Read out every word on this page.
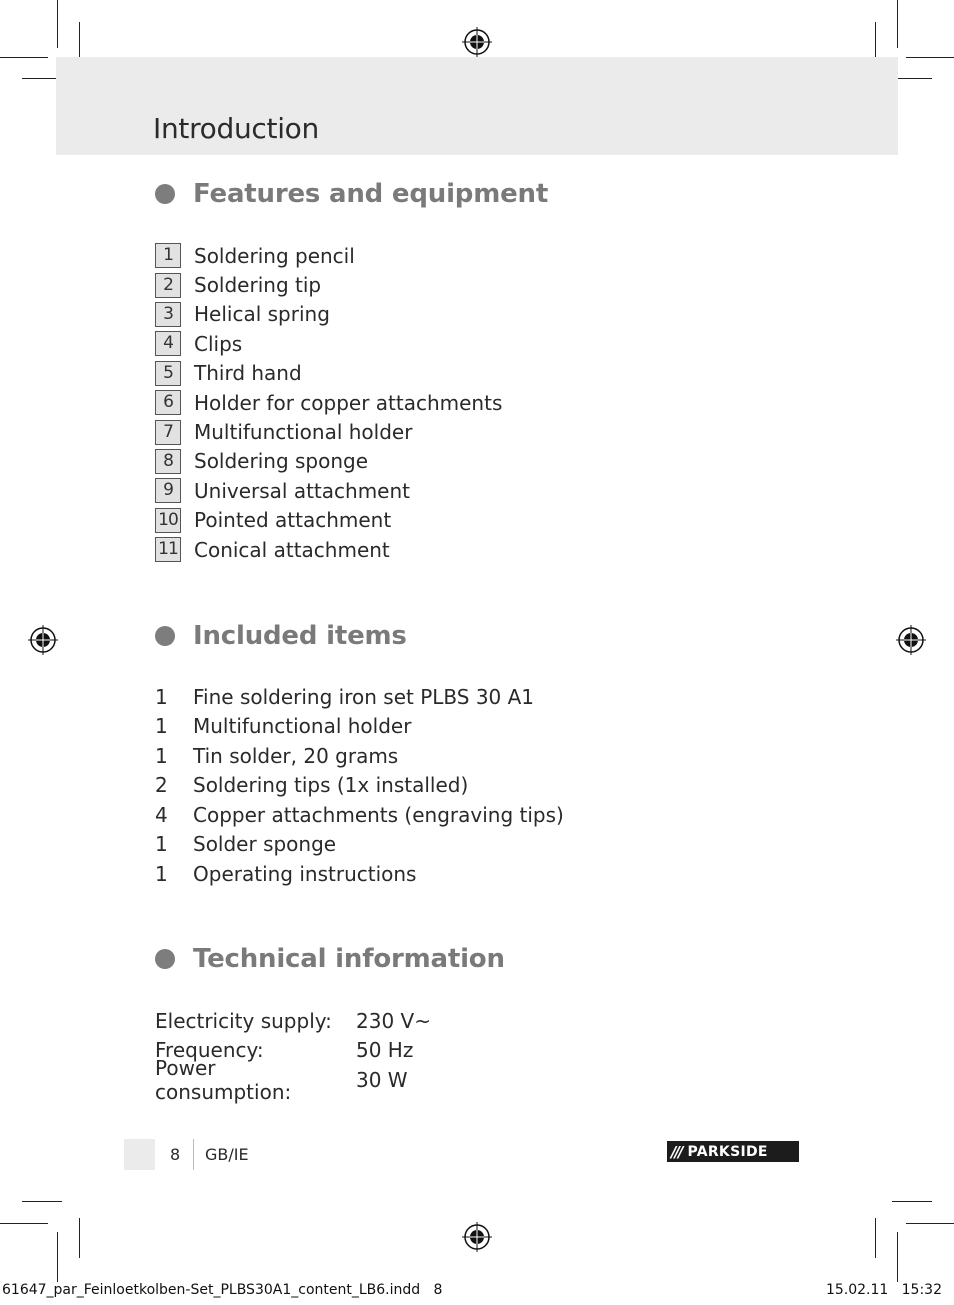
Introduction
Features and equipment
1	Soldering pencil
2	Soldering tip
3	Helical spring
4	Clips
5	Third hand
6	Holder for copper attachments
7	Multifunctional holder
8	Soldering sponge
9	Universal attachment
10 Pointed attachment
11 Conical attachment
Included items
1	Fine soldering iron set PLBS 30 A1
1	Multifunctional holder
1	Tin solder, 20 grams
2	Soldering tips (1x installed)
4	Copper attachments (engraving tips)
1	Solder sponge
1	Operating instructions
Technical information
Electricity supply:	230 V~
Frequency:	50 Hz
Power consumption:	30 W
8 GB/IE	/// PARKSIDE
61647_par_Feinloetkolben-Set_PLBS30A1_content_LB6.indd   8	15.02.11   15:32
